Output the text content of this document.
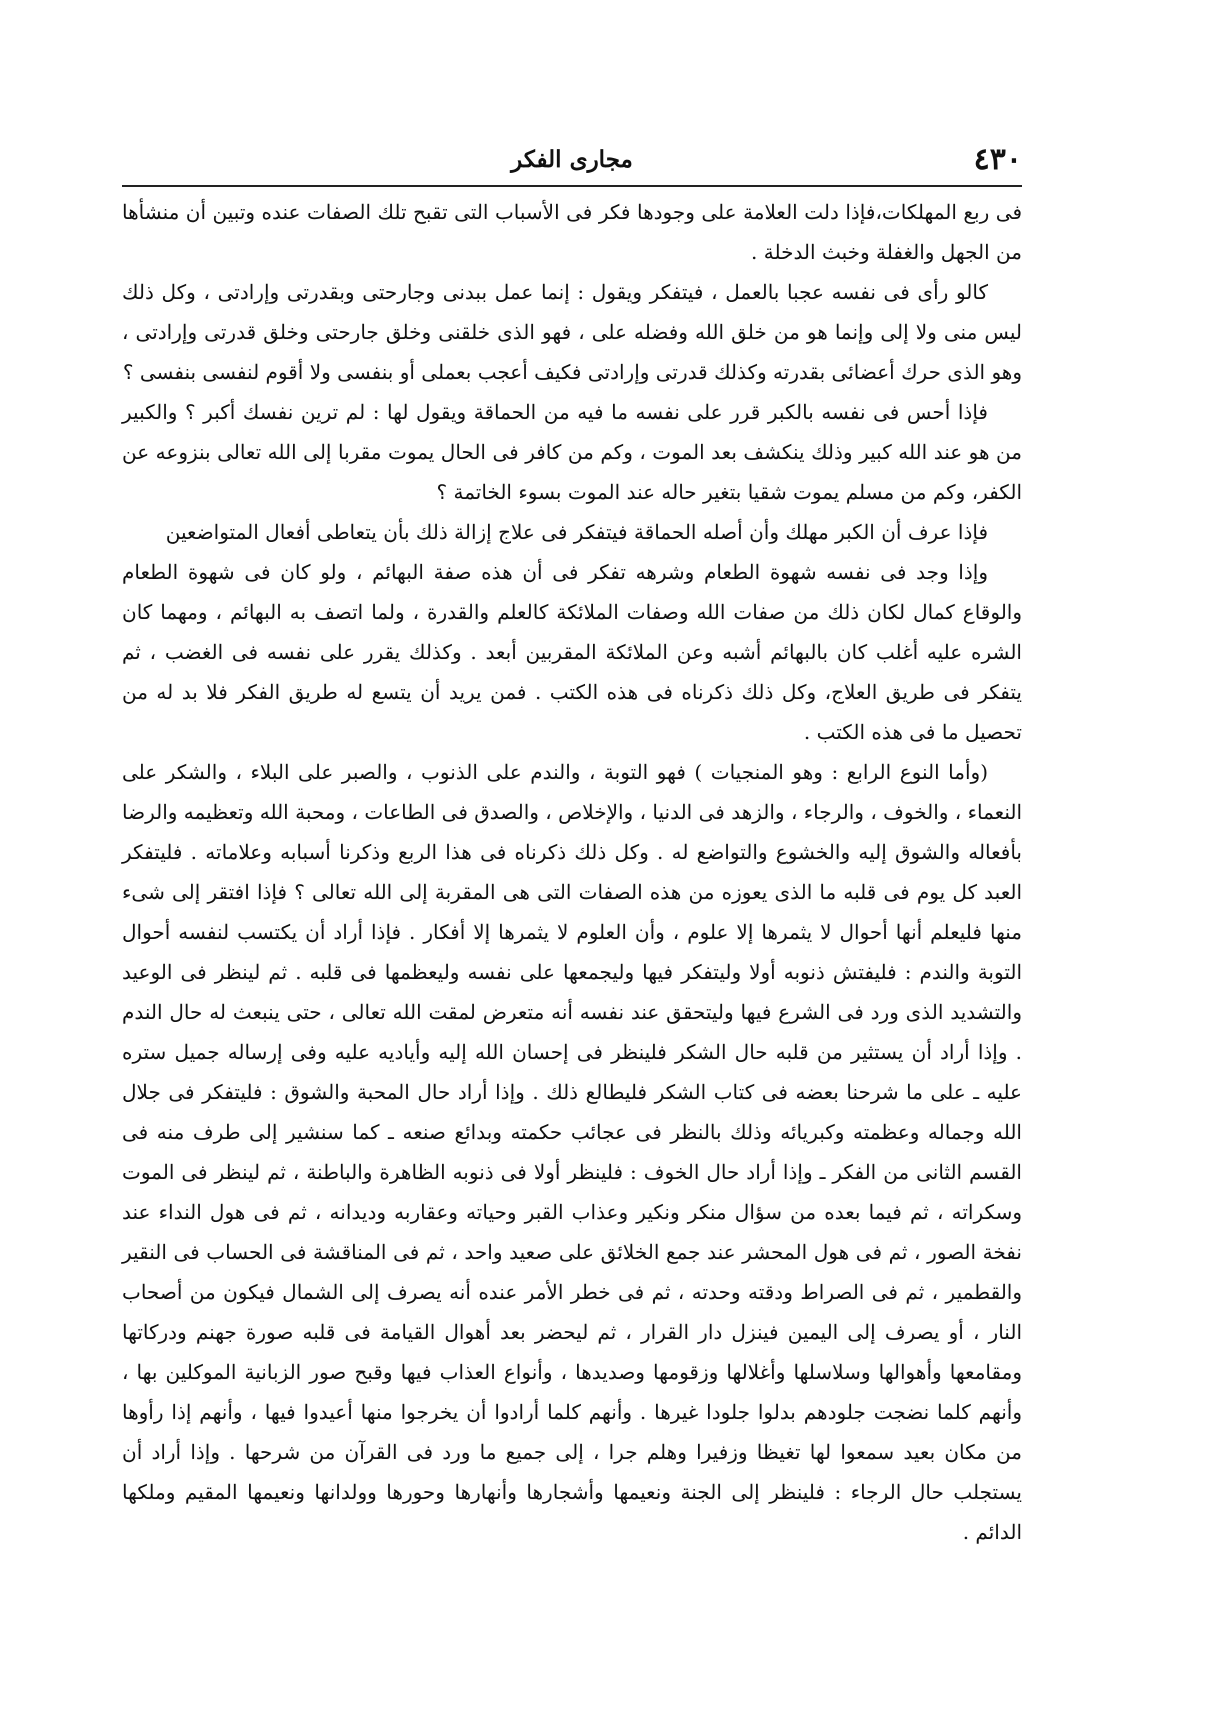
٤٣٠
مجارى الفكر

فى ربع المهلكات،فإذا دلت العلامة على وجودها فكر فى الأسباب التى تقبح تلك الصفات عنده وتبين أن منشأها من الجهل والغفلة وخبث الدخلة .

كالو رأى فى نفسه عجبا بالعمل ، فيتفكر ويقول : إنما عمل ببدنى وجارحتى وبقدرتى وإرادتى ، وكل ذلك ليس منى ولا إلى وإنما هو من خلق الله وفضله على ، فهو الذى خلقنى وخلق جارحتى وخلق قدرتى وإرادتى ، وهو الذى حرك أعضائى بقدرته وكذلك قدرتى وإرادتى فكيف أعجب بعملى أو بنفسى ولا أقوم لنفسى بنفسى ؟

فإذا أحس فى نفسه بالكبر قرر على نفسه ما فيه من الحماقة ويقول لها : لم ترين نفسك أكبر ؟ والكبير من هو عند الله كبير وذلك ينكشف بعد الموت ، وكم من كافر فى الحال يموت مقربا إلى الله تعالى بنزوعه عن الكفر، وكم من مسلم يموت شقيا بتغير حاله عند الموت بسوء الخاتمة ؟

فإذا عرف أن الكبر مهلك وأن أصله الحماقة فيتفكر فى علاج إزالة ذلك بأن يتعاطى أفعال المتواضعين

وإذا وجد فى نفسه شهوة الطعام وشرهه تفكر فى أن هذه صفة البهائم ، ولو كان فى شهوة الطعام والوقاع كمال لكان ذلك من صفات الله وصفات الملائكة كالعلم والقدرة ، ولما اتصف به البهائم ، ومهما كان الشره عليه أغلب كان بالبهائم أشبه وعن الملائكة المقربين أبعد . وكذلك يقرر على نفسه فى الغضب ، ثم يتفكر فى طريق العلاج، وكل ذلك ذكرناه فى هذه الكتب . فمن يريد أن يتسع له طريق الفكر فلا بد له من تحصيل ما فى هذه الكتب .

(وأما النوع الرابع : وهو المنجيات ) فهو التوبة ، والندم على الذنوب ، والصبر على البلاء ، والشكر على النعماء ، والخوف ، والرجاء ، والزهد فى الدنيا ، والإخلاص ، والصدق فى الطاعات ، ومحبة الله وتعظيمه والرضا بأفعاله والشوق إليه والخشوع والتواضع له . وكل ذلك ذكرناه فى هذا الربع وذكرنا أسبابه وعلاماته . فليتفكر العبد كل يوم فى قلبه ما الذى يعوزه من هذه الصفات التى هى المقربة إلى الله تعالى ؟ فإذا افتقر إلى شىء منها فليعلم أنها أحوال لا يثمرها إلا علوم ، وأن العلوم لا يثمرها إلا أفكار . فإذا أراد أن يكتسب لنفسه أحوال التوبة والندم : فليفتش ذنوبه أولا وليتفكر فيها وليجمعها على نفسه وليعظمها فى قلبه . ثم لينظر فى الوعيد والتشديد الذى ورد فى الشرع فيها وليتحقق عند نفسه أنه متعرض لمقت الله تعالى ، حتى ينبعث له حال الندم . وإذا أراد أن يستثير من قلبه حال الشكر فلينظر فى إحسان الله إليه وأياديه عليه وفى إرساله جميل ستره عليه ـ على ما شرحنا بعضه فى كتاب الشكر فليطالع ذلك . وإذا أراد حال المحبة والشوق : فليتفكر فى جلال الله وجماله وعظمته وكبريائه وذلك بالنظر فى عجائب حكمته وبدائع صنعه ـ كما سنشير إلى طرف منه فى القسم الثانى من الفكر ـ وإذا أراد حال الخوف : فلينظر أولا فى ذنوبه الظاهرة والباطنة ، ثم لينظر فى الموت وسكراته ، ثم فيما بعده من سؤال منكر ونكير وعذاب القبر وحياته وعقاربه وديدانه ، ثم فى هول النداء عند نفخة الصور ، ثم فى هول المحشر عند جمع الخلائق على صعيد واحد ، ثم فى المناقشة فى الحساب فى النقير والقطمير ، ثم فى الصراط ودقته وحدته ، ثم فى خطر الأمر عنده أنه يصرف إلى الشمال فيكون من أصحاب النار ، أو يصرف إلى اليمين فينزل دار القرار ، ثم ليحضر بعد أهوال القيامة فى قلبه صورة جهنم ودركاتها ومقامعها وأهوالها وسلاسلها وأغلالها وزقومها وصديدها ، وأنواع العذاب فيها وقبح صور الزبانية الموكلين بها ، وأنهم كلما نضجت جلودهم بدلوا جلودا غيرها . وأنهم كلما أرادوا أن يخرجوا منها أعيدوا فيها ، وأنهم إذا رأوها من مكان بعيد سمعوا لها تغيظا وزفيرا وهلم جرا ، إلى جميع ما ورد فى القرآن من شرحها . وإذا أراد أن يستجلب حال الرجاء : فلينظر إلى الجنة ونعيمها وأشجارها وأنهارها وحورها وولدانها ونعيمها المقيم وملكها الدائم .
